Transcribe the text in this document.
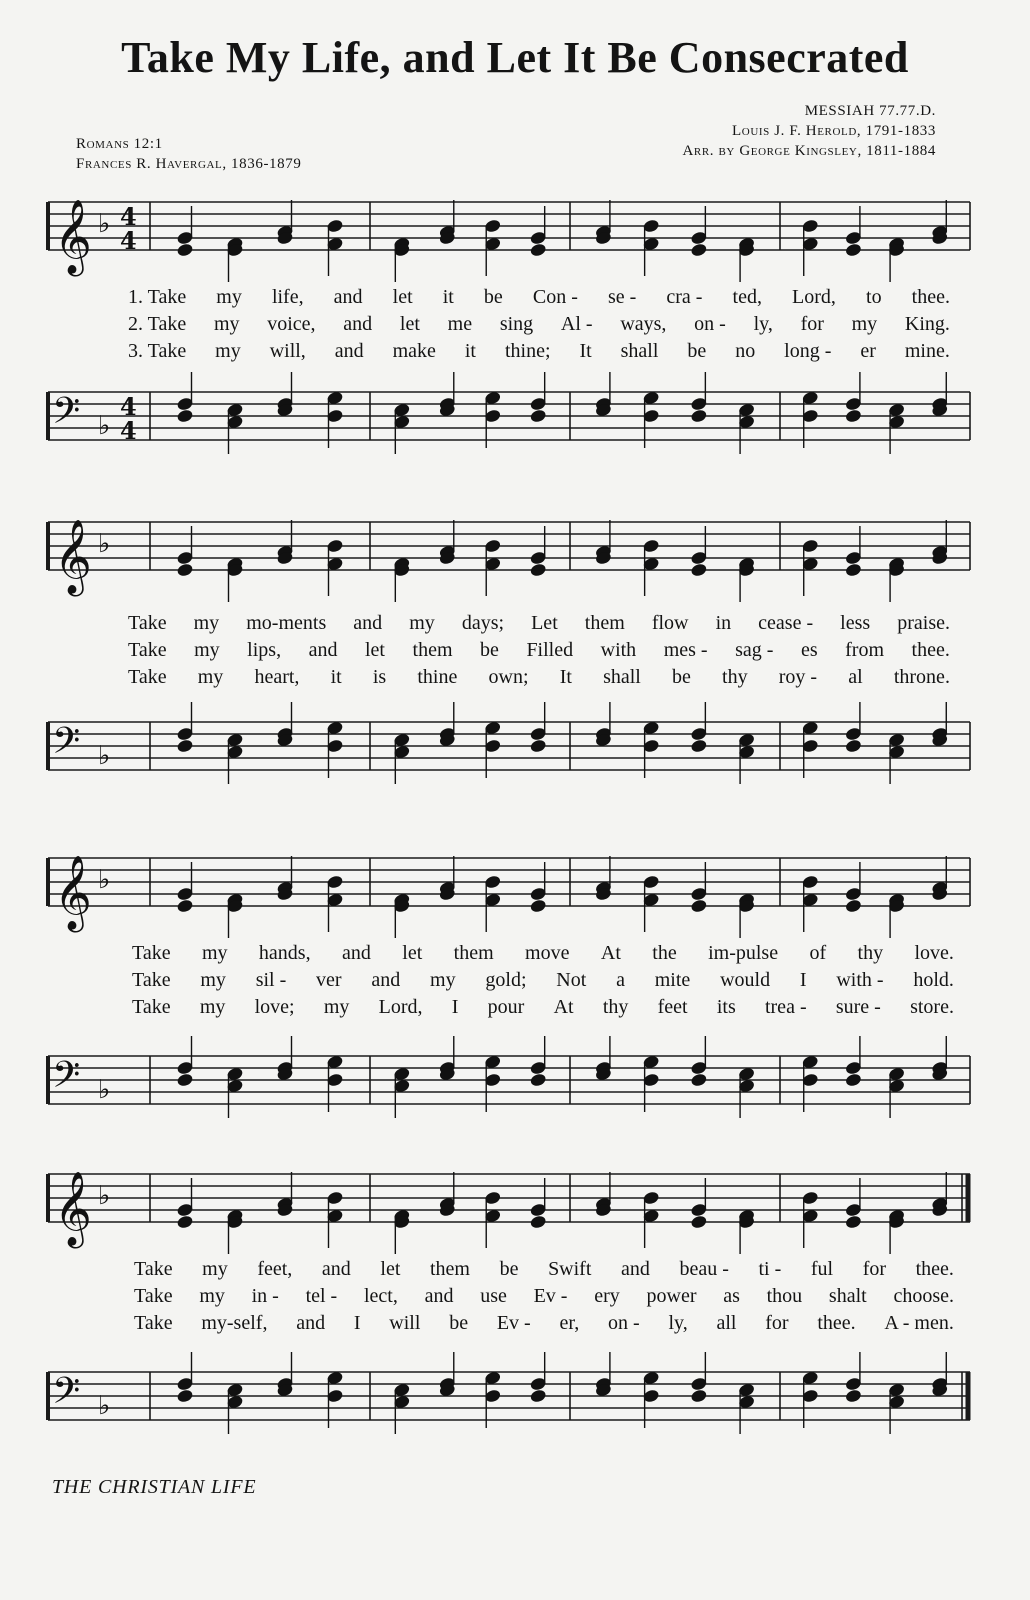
Take My Life, and Let It Be Consecrated
Romans 12:1
Frances R. Havergal, 1836-1879
MESSIAH 77.77.D.
Louis J. F. Herold, 1791-1833
Arr. by George Kingsley, 1811-1884
𝄞 ♭ 4
4
𝄢 ♭
4
4
1. Take my life, and let it be Con - se - cra - ted, Lord, to thee.
2. Take my voice, and let me sing Al - ways, on - ly, for my King.
3. Take my will, and make it thine; It shall be no long - er mine.
𝄞 ♭
𝄢 ♭
Take my mo-ments and my days; Let them flow in cease - less praise.
Take my lips, and let them be Filled with mes - sag - es from thee.
Take my heart, it is thine own; It shall be thy roy - al throne.
𝄞 ♭
𝄢 ♭
Take my hands, and let them move At the im-pulse of thy love.
Take my sil - ver and my gold; Not a mite would I with - hold.
Take my love; my Lord, I pour At thy feet its trea - sure - store.
𝄞 ♭
𝄢 ♭
Take my feet, and let them be Swift and beau - ti - ful for thee.
Take my in - tel - lect, and use Ev - ery power as thou shalt choose.
Take my-self, and I will be Ev - er, on - ly, all for thee. A - men.
THE CHRISTIAN LIFE
